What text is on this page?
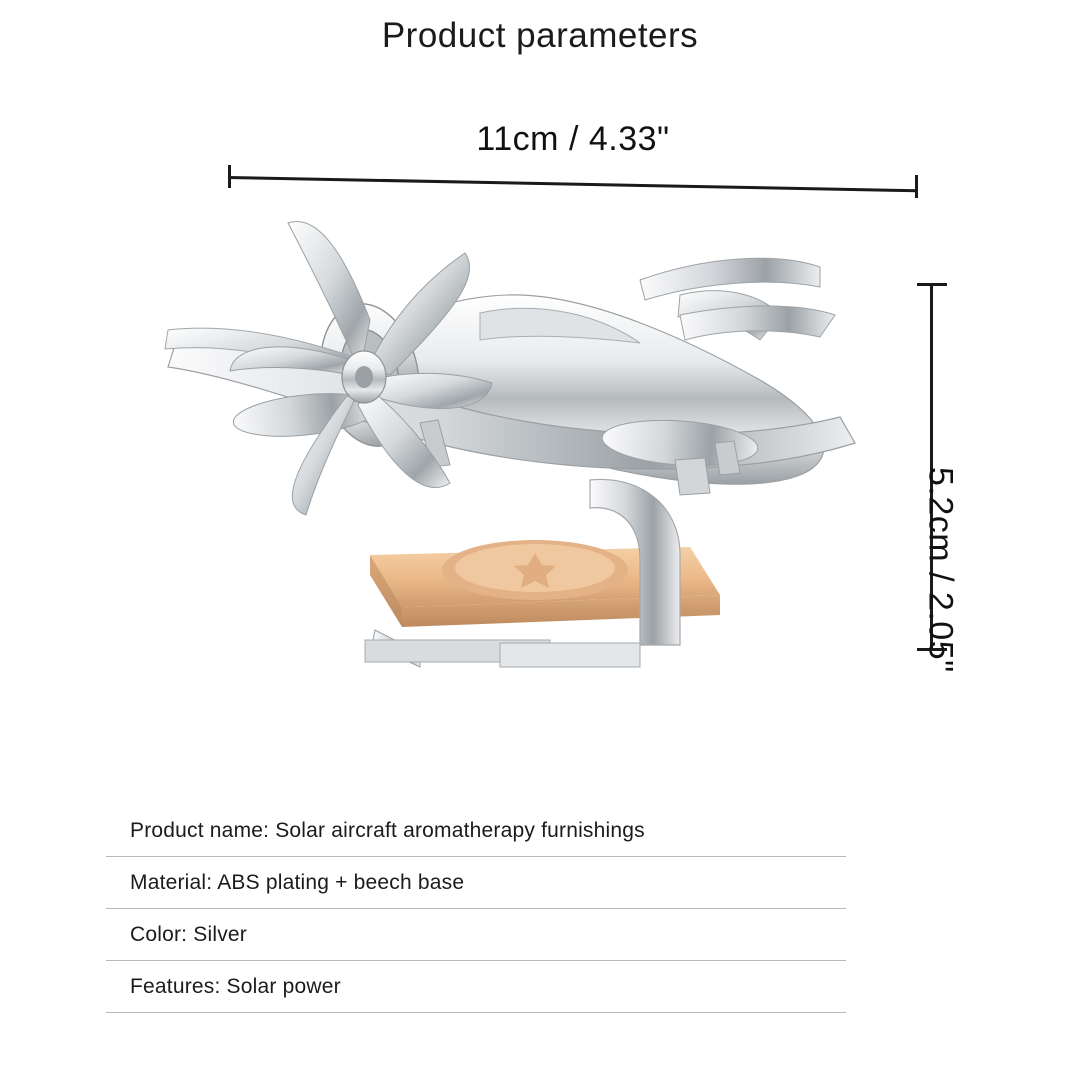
Product parameters
11cm / 4.33"
5.2cm / 2.05"
Product name: Solar aircraft aromatherapy furnishings
Material: ABS plating + beech base
Color: Silver
Features: Solar power
